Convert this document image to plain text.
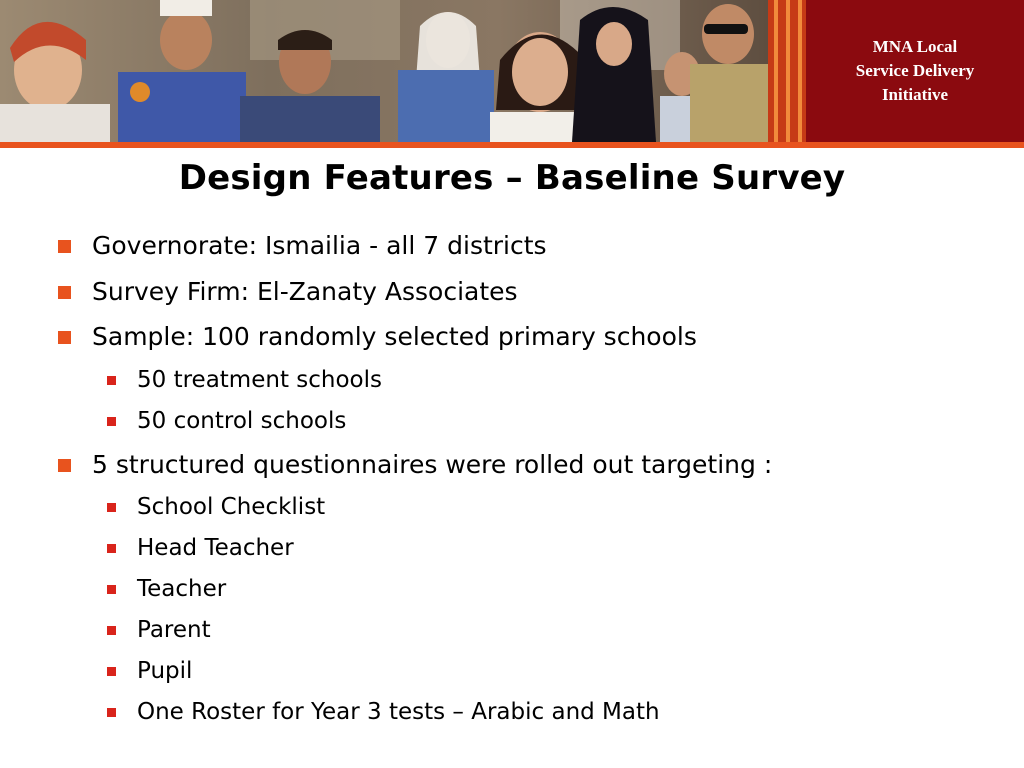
MNA Local
Service Delivery
Initiative
Design Features – Baseline Survey
Governorate: Ismailia - all 7 districts
Survey Firm: El-Zanaty Associates
Sample: 100 randomly selected primary schools
50 treatment schools
50 control schools
5 structured questionnaires were rolled out targeting :
School Checklist
Head Teacher
Teacher
Parent
Pupil
One Roster for Year 3 tests – Arabic and Math
